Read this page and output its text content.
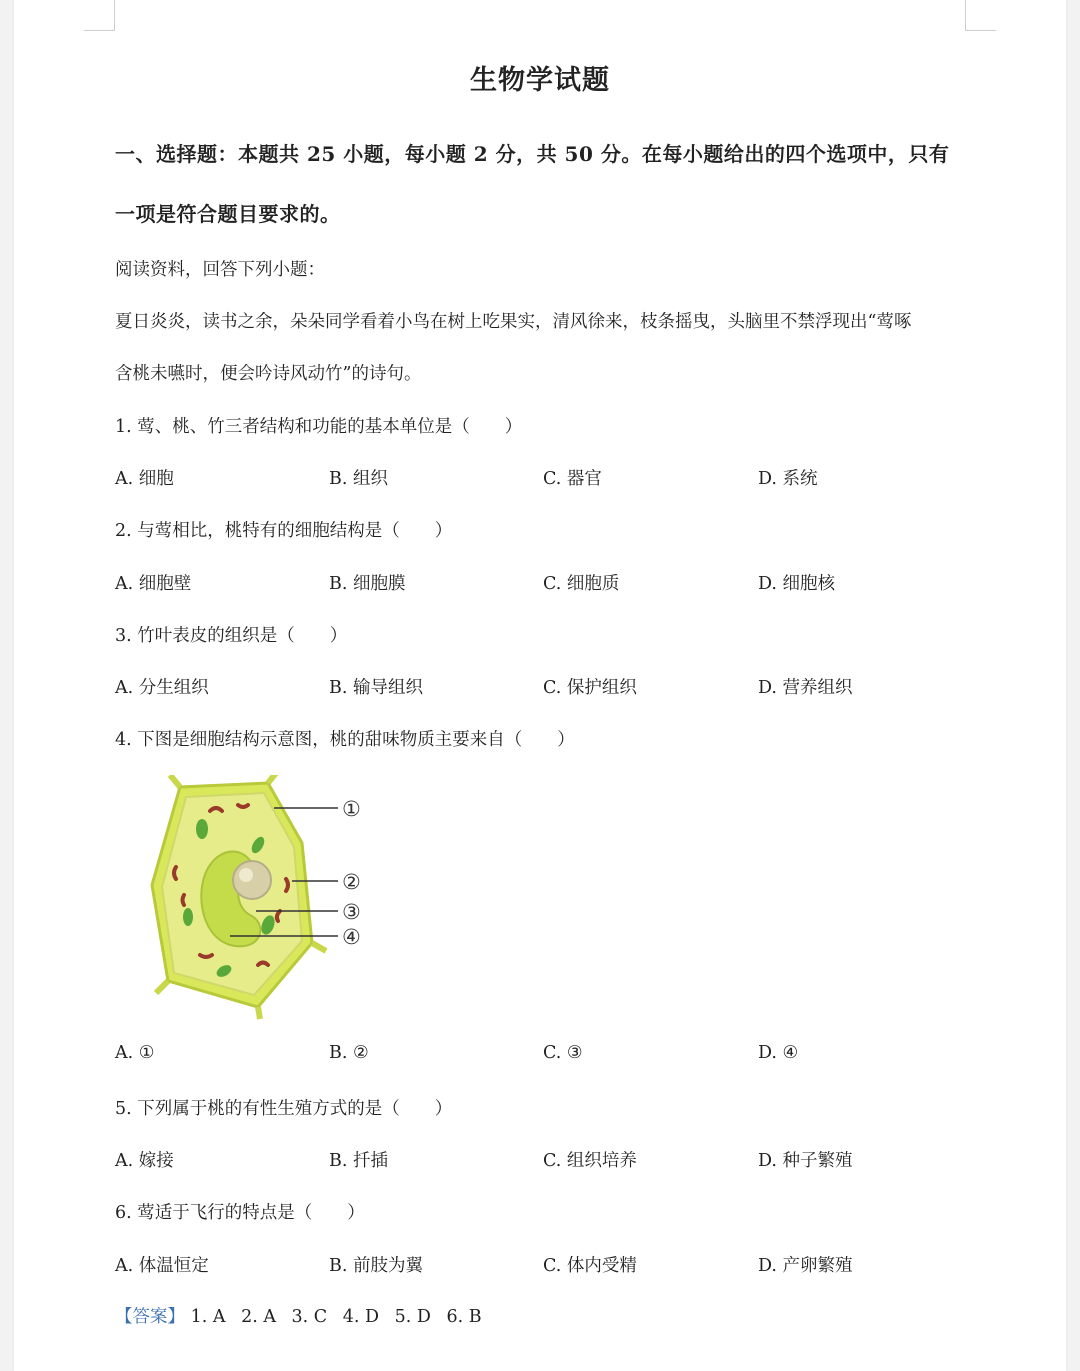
生物学试题
一、选择题：本题共 25 小题，每小题 2 分，共 50 分。在每小题给出的四个选项中，只有
一项是符合题目要求的。
阅读资料，回答下列小题：
夏日炎炎，读书之余，朵朵同学看着小鸟在树上吃果实，清风徐来，枝条摇曳，头脑里不禁浮现出“莺啄
含桃未嚥时，便会吟诗风动竹”的诗句。
1. 莺、桃、竹三者结构和功能的基本单位是（　　）
A. 细胞	B. 组织	C. 器官	D. 系统
2. 与莺相比，桃特有的细胞结构是（　　）
A. 细胞壁	B. 细胞膜	C. 细胞质	D. 细胞核
3. 竹叶表皮的组织是（　　）
A. 分生组织	B. 输导组织	C. 保护组织	D. 营养组织
4. 下图是细胞结构示意图，桃的甜味物质主要来自（　　）
①
②
③
④
A. ①	B. ②	C. ③	D. ④
5. 下列属于桃的有性生殖方式的是（　　）
A. 嫁接	B. 扦插	C. 组织培养	D. 种子繁殖
6. 莺适于飞行的特点是（　　）
A. 体温恒定	B. 前肢为翼	C. 体内受精	D. 产卵繁殖
【答案】 1. A 2. A 3. C 4. D 5. D 6. B
